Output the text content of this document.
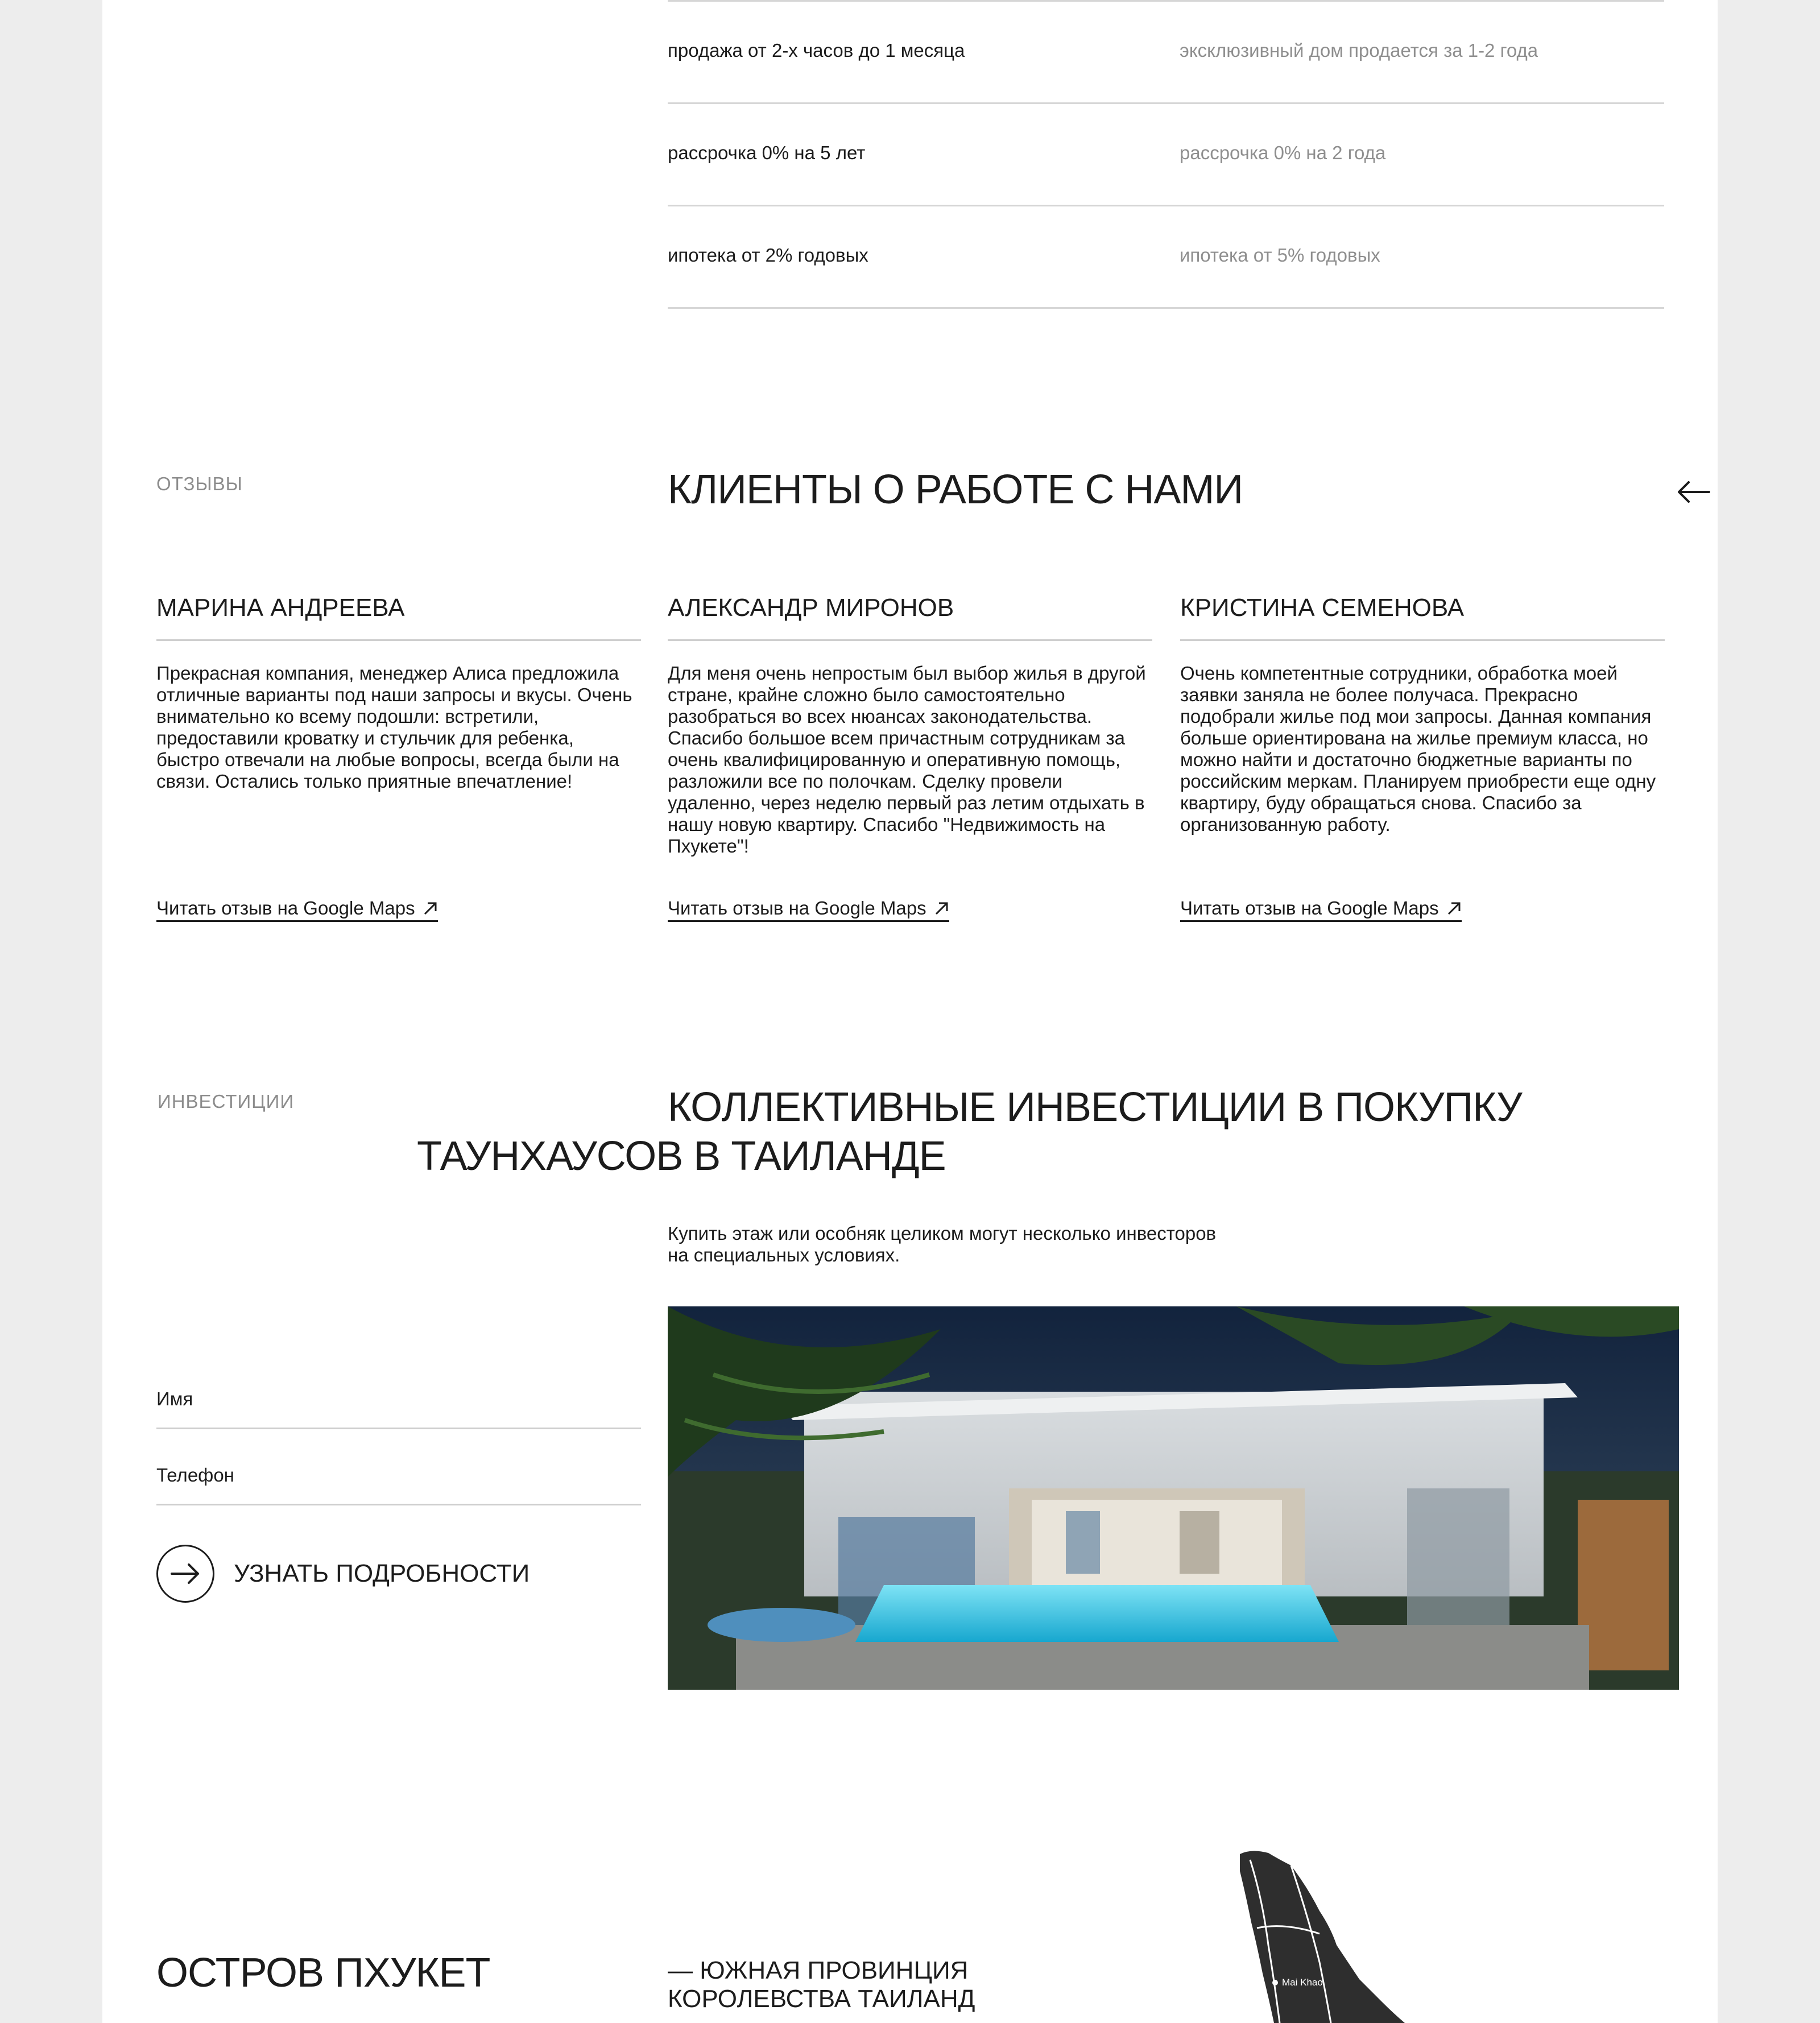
продажа от 2-х часов до 1 месяца	эксклюзивный дом продается за 1-2 года
рассрочка 0% на 5 лет	рассрочка 0% на 2 года
ипотека от 2% годовых	ипотека от 5% годовых
ОТЗЫВЫ	КЛИЕНТЫ О РАБОТЕ С НАМИ
МАРИНА АНДРЕЕВА
Прекрасная компания, менеджер Алиса предложила отличные варианты под наши запросы и вкусы. Очень внимательно ко всему подошли: встретили, предоставили кроватку и стульчик для ребенка, быстро отвечали на любые вопросы, всегда были на связи. Остались только приятные впечатление!
АЛЕКСАНДР МИРОНОВ
Для меня очень непростым был выбор жилья в другой стране, крайне сложно было самостоятельно разобраться во всех нюансах законодательства. Спасибо большое всем причастным сотрудникам за очень квалифицированную и оперативную помощь, разложили все по полочкам. Сделку провели удаленно, через неделю первый раз летим отдыхать в нашу новую квартиру. Спасибо "Недвижимость на Пхукете"!
КРИСТИНА СЕМЕНОВА
Очень компетентные сотрудники, обработка моей заявки заняла не более получаса. Прекрасно подобрали жилье под мои запросы. Данная компания больше ориентирована на жилье премиум класса, но можно найти и достаточно бюджетные варианты по российским меркам. Планируем приобрести еще одну квартиру, буду обращаться снова. Спасибо за организованную работу.
Читать отзыв на Google Maps	Читать отзыв на Google Maps	Читать отзыв на Google Maps
ИНВЕСТИЦИИ	КОЛЛЕКТИВНЫЕ ИНВЕСТИЦИИ В ПОКУПКУ
ТАУНХАУСОВ В ТАИЛАНДЕ
Купить этаж или особняк целиком могут несколько инвесторов
на специальных условиях.
Имя
Телефон
УЗНАТЬ ПОДРОБНОСТИ
ОСТРОВ ПХУКЕТ	— ЮЖНАЯ ПРОВИНЦИЯ
КОРОЛЕВСТВА ТАИЛАНД
Mai Khao
